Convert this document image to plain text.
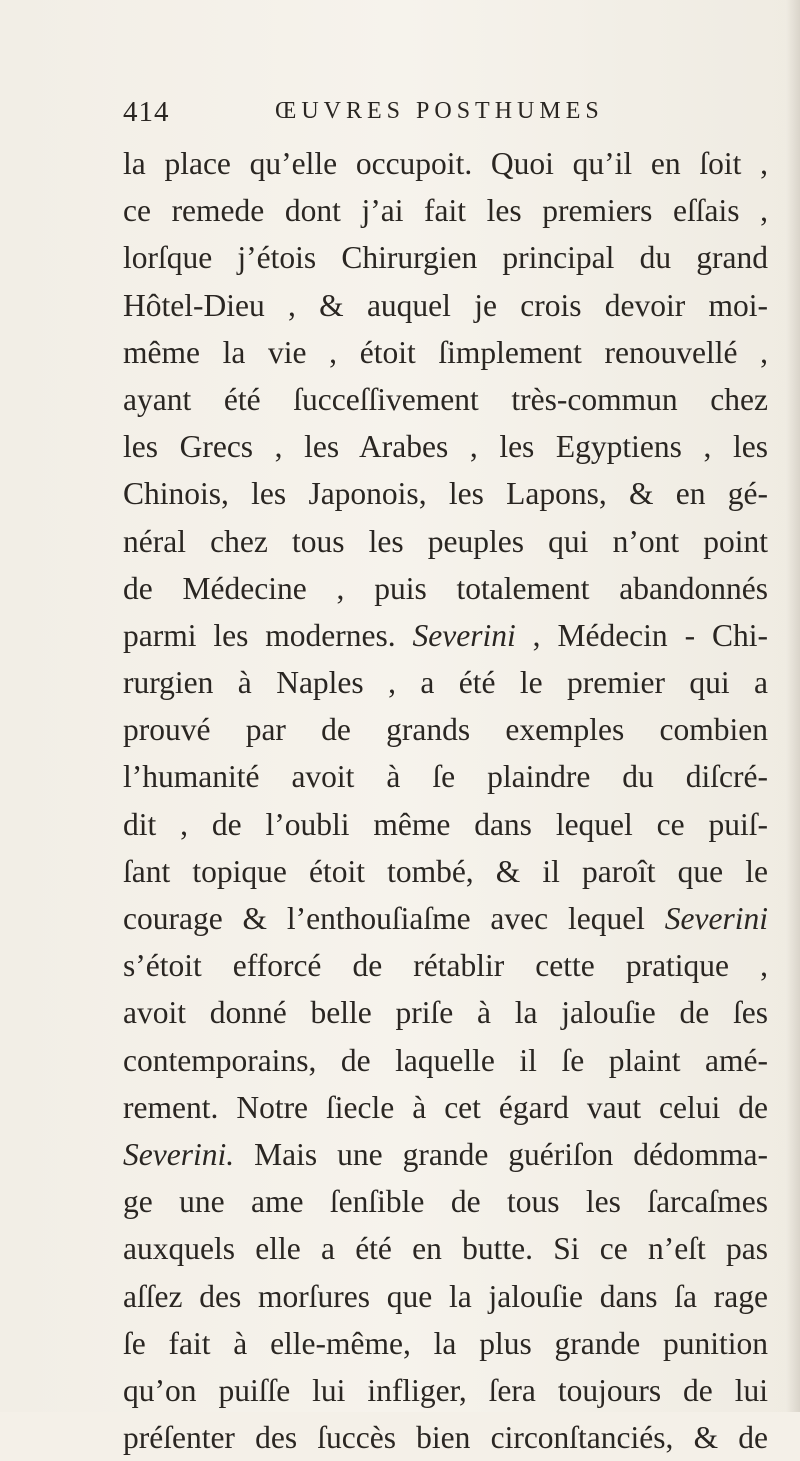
414	ŒUVRES POSTHUMES
la place qu’elle occupoit. Quoi qu’il en ſoit ,
ce remede dont j’ai fait les premiers eſſais ,
lorſque j’étois Chirurgien principal du grand
Hôtel-Dieu , & auquel je crois devoir moi-
même la vie , étoit ſimplement renouvellé ,
ayant été ſucceſſivement très-commun chez
les Grecs , les Arabes , les Egyptiens , les
Chinois, les Japonois, les Lapons, & en gé-
néral chez tous les peuples qui n’ont point
de Médecine , puis totalement abandonnés
parmi les modernes. Severini , Médecin - Chi-
rurgien à Naples , a été le premier qui a
prouvé par de grands exemples combien
l’humanité avoit à ſe plaindre du diſcré-
dit , de l’oubli même dans lequel ce puiſ-
ſant topique étoit tombé, & il paroît que le
courage & l’enthouſiaſme avec lequel Severini
s’étoit efforcé de rétablir cette pratique ,
avoit donné belle priſe à la jalouſie de ſes
contemporains, de laquelle il ſe plaint amé-
rement. Notre ſiecle à cet égard vaut celui de
Severini. Mais une grande guériſon dédomma-
ge une ame ſenſible de tous les ſarcaſmes
auxquels elle a été en butte. Si ce n’eſt pas
aſſez des morſures que la jalouſie dans ſa rage
ſe fait à elle-même, la plus grande punition
qu’on puiſſe lui infliger, ſera toujours de lui
préſenter des ſuccès bien circonſtanciés, & de
